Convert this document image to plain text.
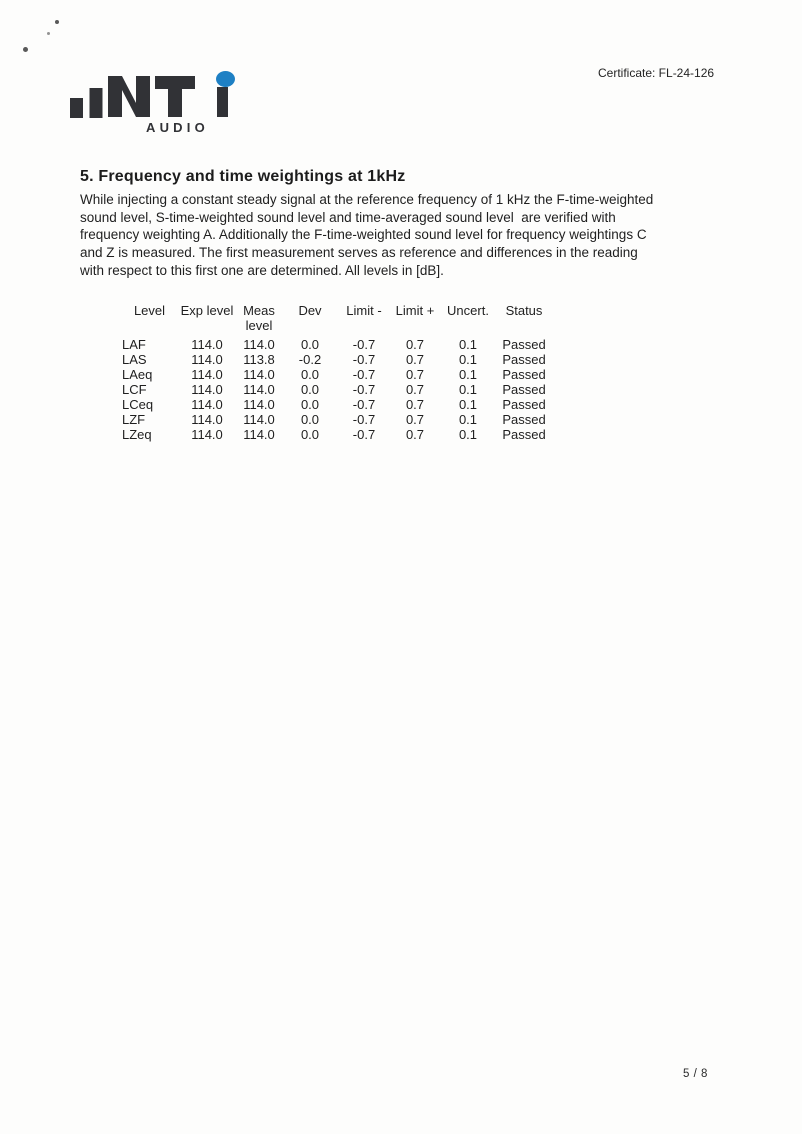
AUDIO
Certificate: FL-24-126
5. Frequency and time weightings at 1kHz
While injecting a constant steady signal at the reference frequency of 1 kHz the F-time-weighted
sound level, S-time-weighted sound level and time-averaged sound level  are verified with
frequency weighting A. Additionally the F-time-weighted sound level for frequency weightings C
and Z is measured. The first measurement serves as reference and differences in the reading
with respect to this first one are determined. All levels in [dB].
Level	Exp level	Meas level	Dev	Limit -	Limit +	Uncert.	Status
LAF	114.0	114.0	0.0	-0.7	0.7	0.1	Passed
LAS	114.0	113.8	-0.2	-0.7	0.7	0.1	Passed
LAeq	114.0	114.0	0.0	-0.7	0.7	0.1	Passed
LCF	114.0	114.0	0.0	-0.7	0.7	0.1	Passed
LCeq	114.0	114.0	0.0	-0.7	0.7	0.1	Passed
LZF	114.0	114.0	0.0	-0.7	0.7	0.1	Passed
LZeq	114.0	114.0	0.0	-0.7	0.7	0.1	Passed
5 / 8
